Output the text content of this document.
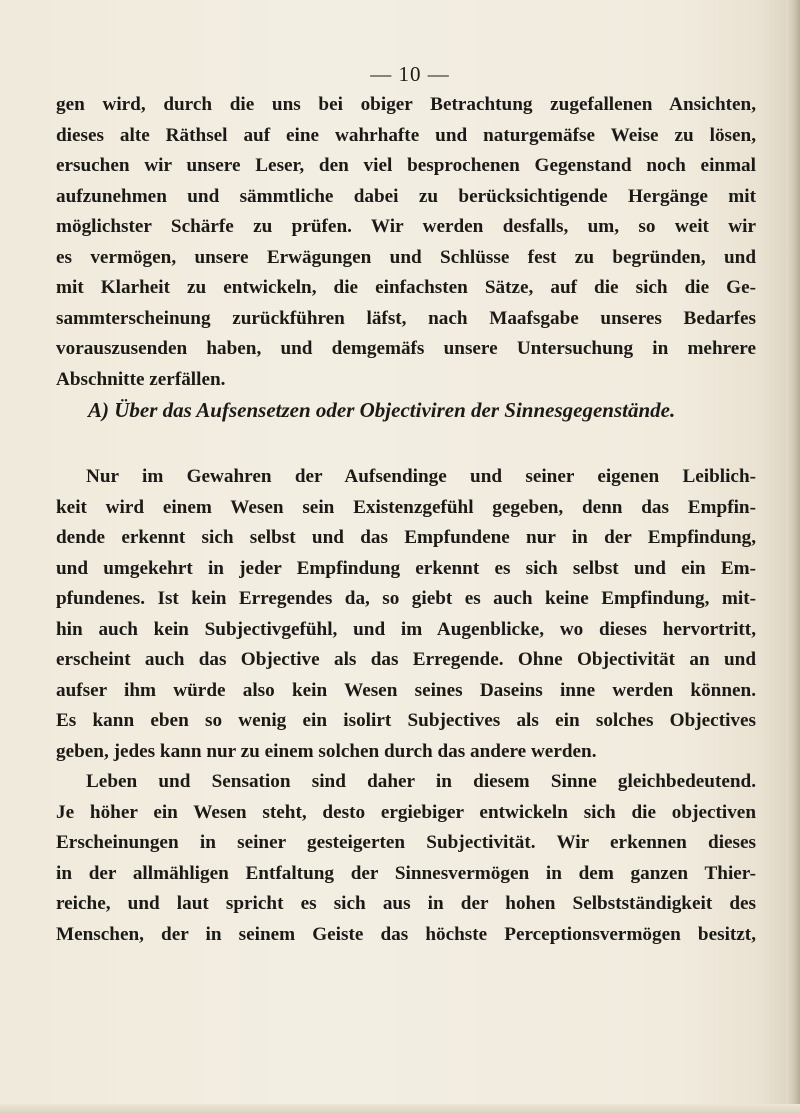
— 10 —
gen wird, durch die uns bei obiger Betrachtung zugefallenen Ansichten,
dieses alte Räthsel auf eine wahrhafte und naturgemäfse Weise zu lösen,
ersuchen wir unsere Leser, den viel besprochenen Gegenstand noch einmal
aufzunehmen und sämmtliche dabei zu berücksichtigende Hergänge mit
möglichster Schärfe zu prüfen. Wir werden desfalls, um, so weit wir
es vermögen, unsere Erwägungen und Schlüsse fest zu begründen, und
mit Klarheit zu entwickeln, die einfachsten Sätze, auf die sich die Ge-
sammterscheinung zurückführen läfst, nach Maafsgabe unseres Bedarfes
vorauszusenden haben, und demgemäfs unsere Untersuchung in mehrere
Abschnitte zerfällen.
A) Über das Aufsensetzen oder Objectiviren der Sinnesgegenstände.
Nur im Gewahren der Aufsendinge und seiner eigenen Leiblich-
keit wird einem Wesen sein Existenzgefühl gegeben, denn das Empfin-
dende erkennt sich selbst und das Empfundene nur in der Empfindung,
und umgekehrt in jeder Empfindung erkennt es sich selbst und ein Em-
pfundenes. Ist kein Erregendes da, so giebt es auch keine Empfindung, mit-
hin auch kein Subjectivgefühl, und im Augenblicke, wo dieses hervortritt,
erscheint auch das Objective als das Erregende. Ohne Objectivität an und
aufser ihm würde also kein Wesen seines Daseins inne werden können.
Es kann eben so wenig ein isolirt Subjectives als ein solches Objectives
geben, jedes kann nur zu einem solchen durch das andere werden.
Leben und Sensation sind daher in diesem Sinne gleichbedeutend.
Je höher ein Wesen steht, desto ergiebiger entwickeln sich die objectiven
Erscheinungen in seiner gesteigerten Subjectivität. Wir erkennen dieses
in der allmähligen Entfaltung der Sinnesvermögen in dem ganzen Thier-
reiche, und laut spricht es sich aus in der hohen Selbstständigkeit des
Menschen, der in seinem Geiste das höchste Perceptionsvermögen besitzt,
